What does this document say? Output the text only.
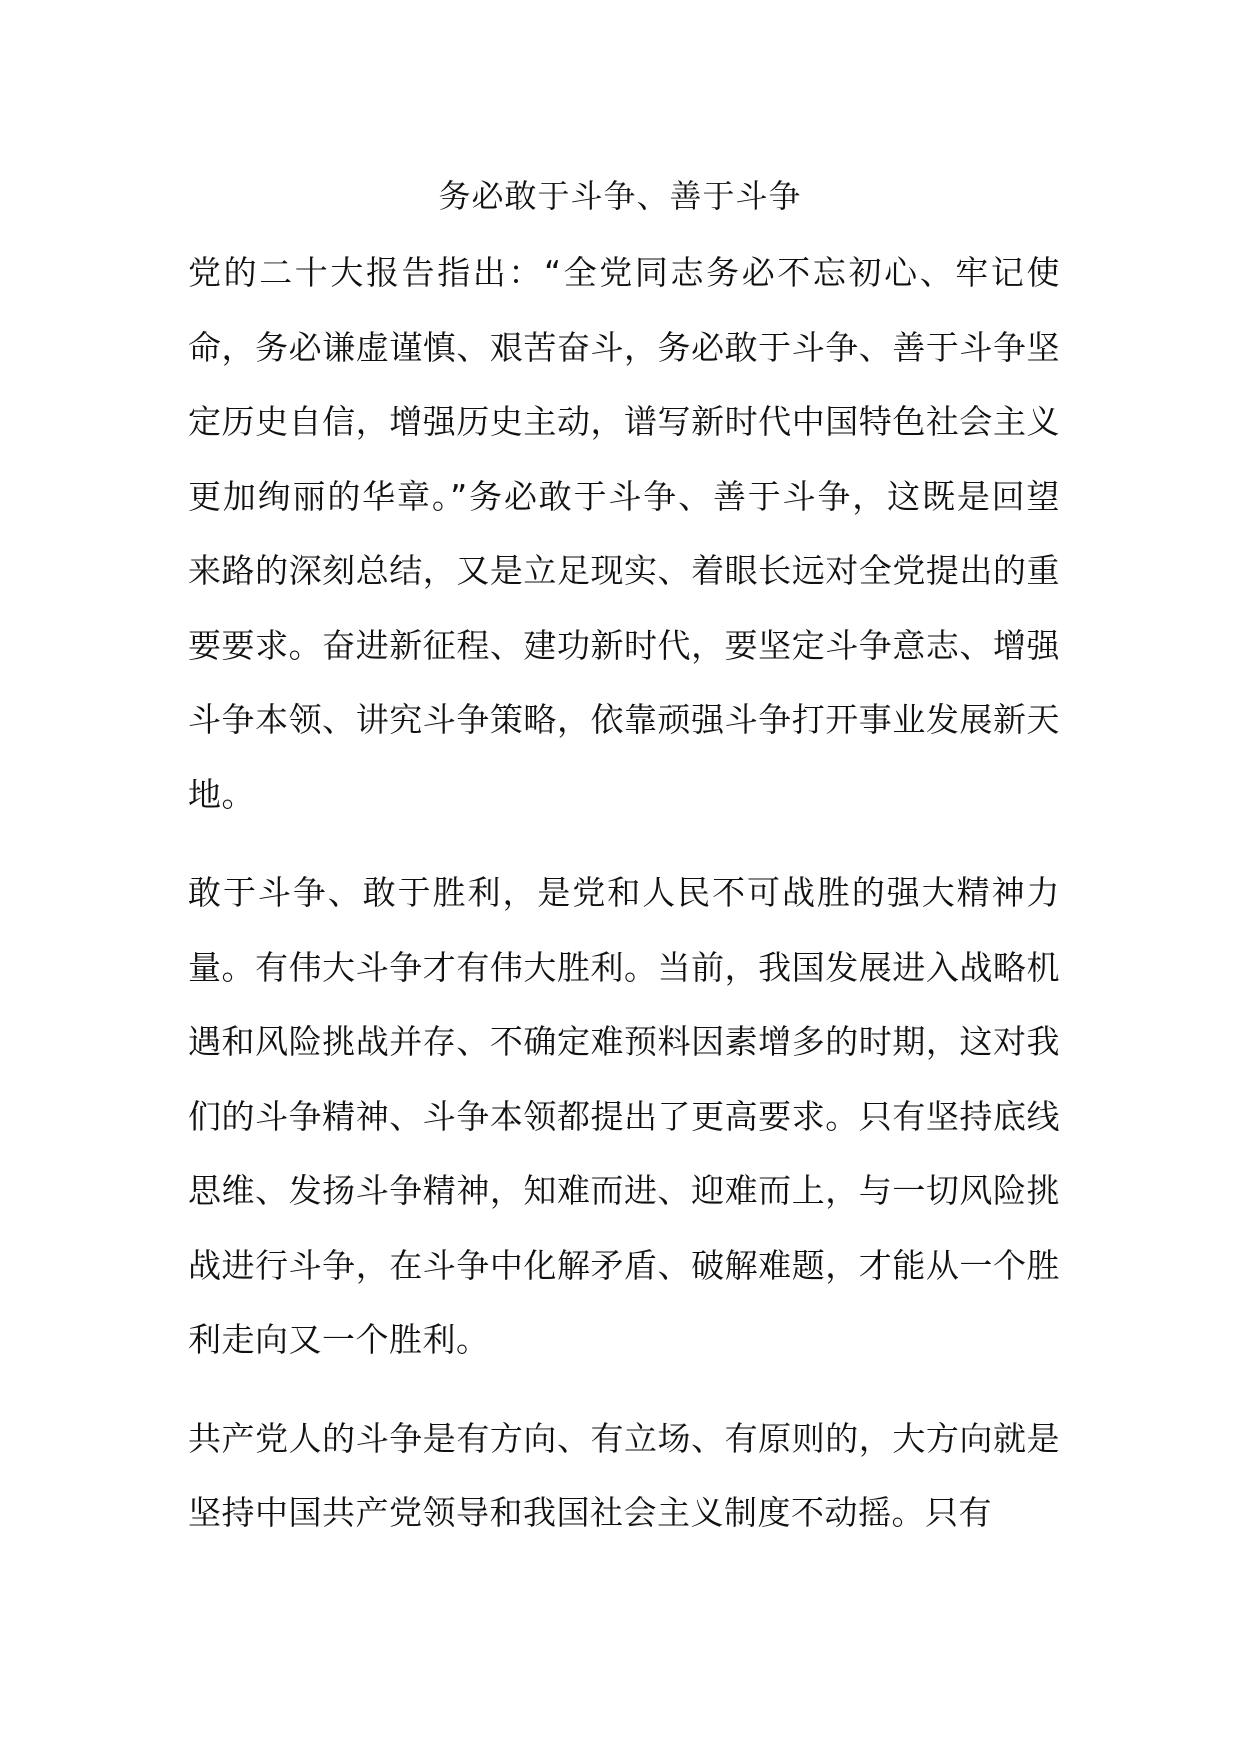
务必敢于斗争、善于斗争

党的二十大报告指出：“全党同志务必不忘初心、牢记使命，务必谦虚谨慎、艰苦奋斗，务必敢于斗争、善于斗争坚定历史自信，增强历史主动，谱写新时代中国特色社会主义更加绚丽的华章。”务必敢于斗争、善于斗争，这既是回望来路的深刻总结，又是立足现实、着眼长远对全党提出的重要要求。奋进新征程、建功新时代，要坚定斗争意志、增强斗争本领、讲究斗争策略，依靠顽强斗争打开事业发展新天地。

敢于斗争、敢于胜利，是党和人民不可战胜的强大精神力量。有伟大斗争才有伟大胜利。当前，我国发展进入战略机遇和风险挑战并存、不确定难预料因素增多的时期，这对我们的斗争精神、斗争本领都提出了更高要求。只有坚持底线思维、发扬斗争精神，知难而进、迎难而上，与一切风险挑战进行斗争，在斗争中化解矛盾、破解难题，才能从一个胜利走向又一个胜利。

共产党人的斗争是有方向、有立场、有原则的，大方向就是坚持中国共产党领导和我国社会主义制度不动摇。只有
